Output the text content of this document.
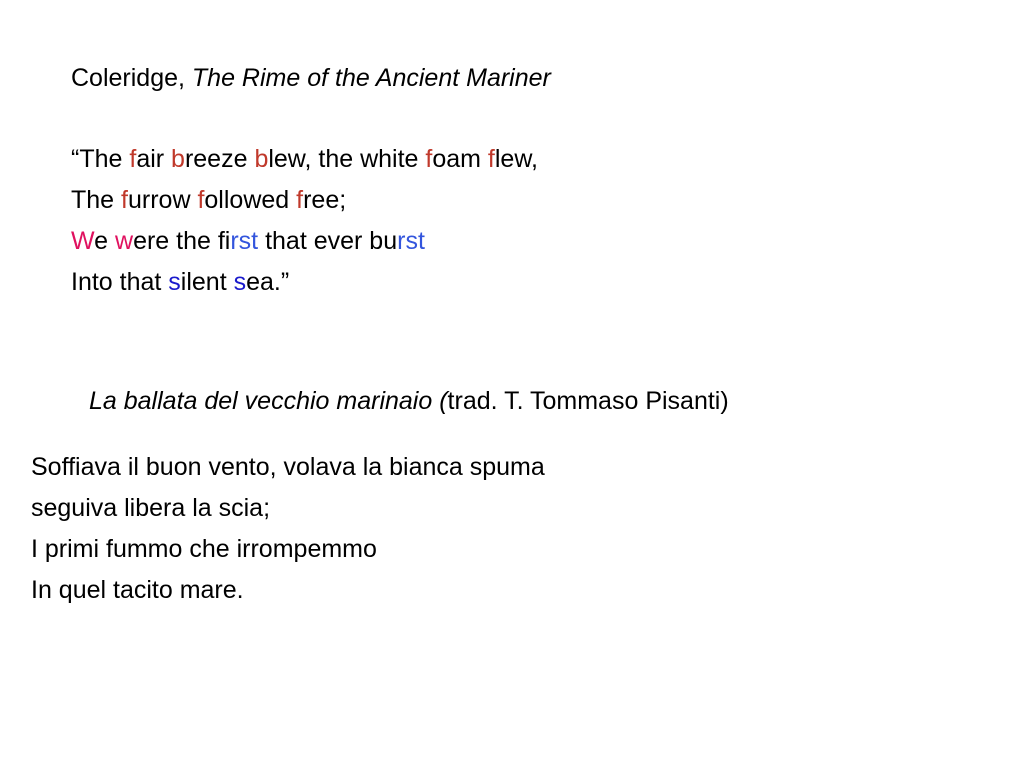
Coleridge, The Rime of the Ancient Mariner
“The fair breeze blew, the white foam flew,
The furrow followed free;
We were the first that ever burst
Into that silent sea.”
La ballata del vecchio marinaio (trad. T. Tommaso Pisanti)
Soffiava il buon vento, volava la bianca spuma
seguiva libera la scia;
I primi fummo che irrompemmo
In quel tacito mare.
